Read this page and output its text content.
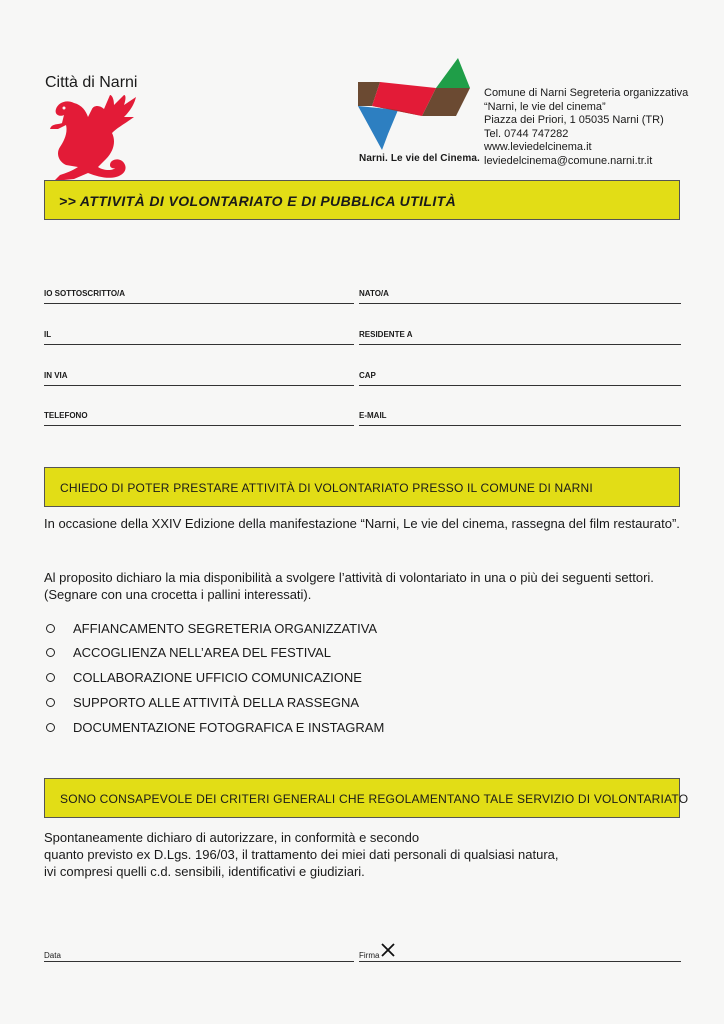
Città di Narni
Narni. Le vie del Cinema.
Comune di Narni Segreteria organizzativa
“Narni, le vie del cinema”
Piazza dei Priori, 1 05035 Narni (TR)
Tel. 0744 747282
www.leviedelcinema.it
leviedelcinema@comune.narni.tr.it
>> ATTIVITÀ DI VOLONTARIATO E DI PUBBLICA UTILITÀ
IO SOTTOSCRITTO/A	NATO/A
IL	RESIDENTE A
IN VIA	CAP
TELEFONO	E-MAIL
CHIEDO DI POTER PRESTARE ATTIVITÀ DI VOLONTARIATO PRESSO IL COMUNE DI NARNI
In occasione della XXIV Edizione della manifestazione “Narni, Le vie del cinema, rassegna del film restaurato”.
Al proposito dichiaro la mia disponibilità a svolgere l’attività di volontariato in una o più dei seguenti settori.
(Segnare con una crocetta i pallini interessati).
AFFIANCAMENTO SEGRETERIA ORGANIZZATIVA
ACCOGLIENZA NELL’AREA DEL FESTIVAL
COLLABORAZIONE UFFICIO COMUNICAZIONE
SUPPORTO ALLE ATTIVITÀ DELLA RASSEGNA
DOCUMENTAZIONE FOTOGRAFICA E INSTAGRAM
SONO CONSAPEVOLE DEI CRITERI GENERALI CHE REGOLAMENTANO TALE SERVIZIO DI VOLONTARIATO
Spontaneamente dichiaro di autorizzare, in conformità e secondo
quanto previsto ex D.Lgs. 196/03, il trattamento dei miei dati personali di qualsiasi natura,
ivi compresi quelli c.d. sensibili, identificativi e giudiziari.
Data	Firma
